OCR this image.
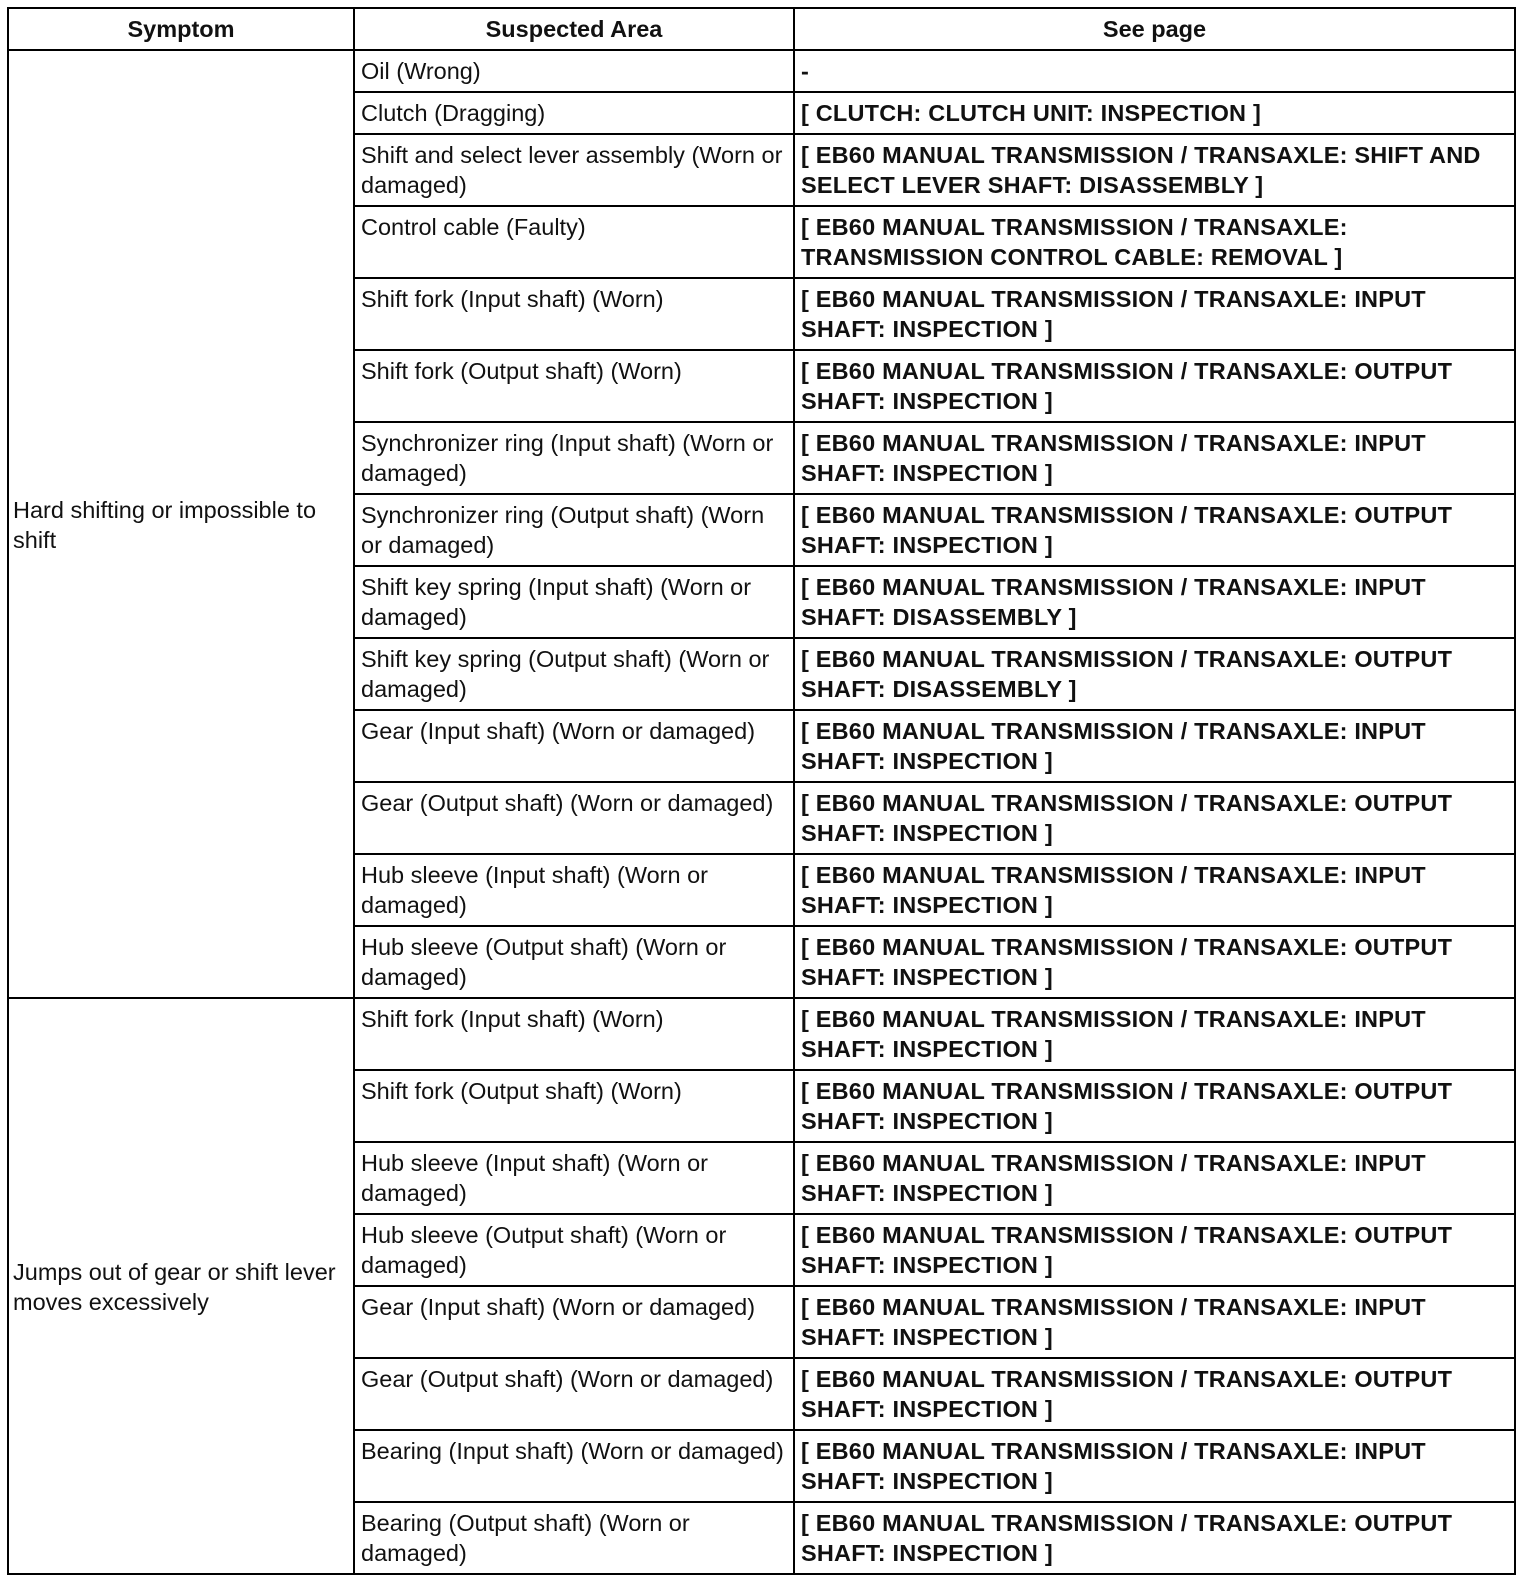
Symptom	Suspected Area	See page
Hard shifting or impossible to shift	Oil (Wrong)	-
	Clutch (Dragging)	[ CLUTCH: CLUTCH UNIT: INSPECTION ]
	Shift and select lever assembly (Worn or damaged)	[ EB60 MANUAL TRANSMISSION / TRANSAXLE: SHIFT AND SELECT LEVER SHAFT: DISASSEMBLY ]
	Control cable (Faulty)	[ EB60 MANUAL TRANSMISSION / TRANSAXLE: TRANSMISSION CONTROL CABLE: REMOVAL ]
	Shift fork (Input shaft) (Worn)	[ EB60 MANUAL TRANSMISSION / TRANSAXLE: INPUT SHAFT: INSPECTION ]
	Shift fork (Output shaft) (Worn)	[ EB60 MANUAL TRANSMISSION / TRANSAXLE: OUTPUT SHAFT: INSPECTION ]
	Synchronizer ring (Input shaft) (Worn or damaged)	[ EB60 MANUAL TRANSMISSION / TRANSAXLE: INPUT SHAFT: INSPECTION ]
	Synchronizer ring (Output shaft) (Worn or damaged)	[ EB60 MANUAL TRANSMISSION / TRANSAXLE: OUTPUT SHAFT: INSPECTION ]
	Shift key spring (Input shaft) (Worn or damaged)	[ EB60 MANUAL TRANSMISSION / TRANSAXLE: INPUT SHAFT: DISASSEMBLY ]
	Shift key spring (Output shaft) (Worn or damaged)	[ EB60 MANUAL TRANSMISSION / TRANSAXLE: OUTPUT SHAFT: DISASSEMBLY ]
	Gear (Input shaft) (Worn or damaged)	[ EB60 MANUAL TRANSMISSION / TRANSAXLE: INPUT SHAFT: INSPECTION ]
	Gear (Output shaft) (Worn or damaged)	[ EB60 MANUAL TRANSMISSION / TRANSAXLE: OUTPUT SHAFT: INSPECTION ]
	Hub sleeve (Input shaft) (Worn or damaged)	[ EB60 MANUAL TRANSMISSION / TRANSAXLE: INPUT SHAFT: INSPECTION ]
	Hub sleeve (Output shaft) (Worn or damaged)	[ EB60 MANUAL TRANSMISSION / TRANSAXLE: OUTPUT SHAFT: INSPECTION ]
Jumps out of gear or shift lever moves excessively	Shift fork (Input shaft) (Worn)	[ EB60 MANUAL TRANSMISSION / TRANSAXLE: INPUT SHAFT: INSPECTION ]
	Shift fork (Output shaft) (Worn)	[ EB60 MANUAL TRANSMISSION / TRANSAXLE: OUTPUT SHAFT: INSPECTION ]
	Hub sleeve (Input shaft) (Worn or damaged)	[ EB60 MANUAL TRANSMISSION / TRANSAXLE: INPUT SHAFT: INSPECTION ]
	Hub sleeve (Output shaft) (Worn or damaged)	[ EB60 MANUAL TRANSMISSION / TRANSAXLE: OUTPUT SHAFT: INSPECTION ]
	Gear (Input shaft) (Worn or damaged)	[ EB60 MANUAL TRANSMISSION / TRANSAXLE: INPUT SHAFT: INSPECTION ]
	Gear (Output shaft) (Worn or damaged)	[ EB60 MANUAL TRANSMISSION / TRANSAXLE: OUTPUT SHAFT: INSPECTION ]
	Bearing (Input shaft) (Worn or damaged)	[ EB60 MANUAL TRANSMISSION / TRANSAXLE: INPUT SHAFT: INSPECTION ]
	Bearing (Output shaft) (Worn or damaged)	[ EB60 MANUAL TRANSMISSION / TRANSAXLE: OUTPUT SHAFT: INSPECTION ]
